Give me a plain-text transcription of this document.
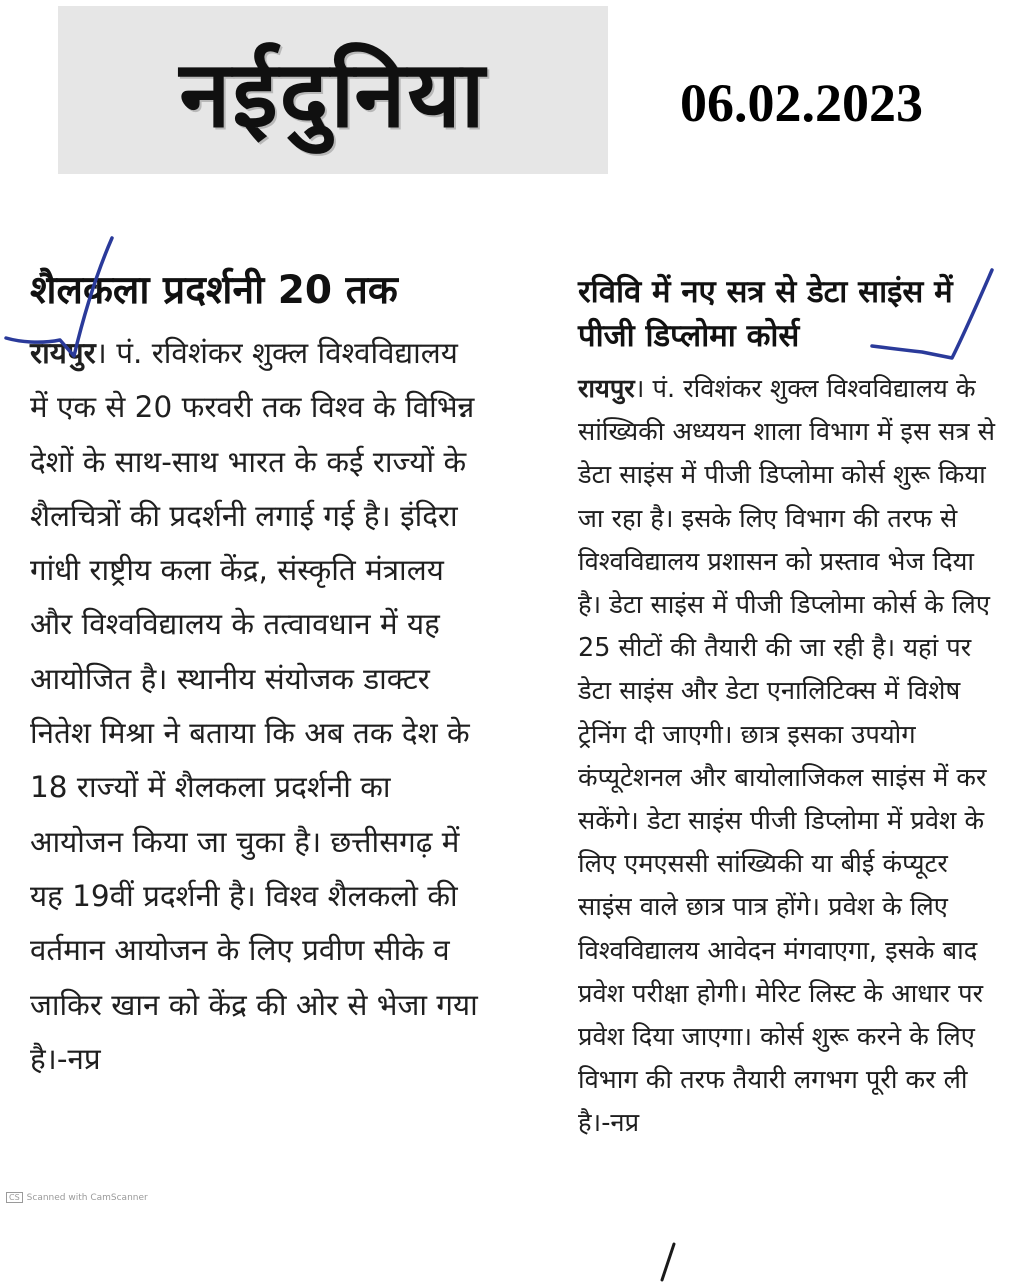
नईदुनिया	06.02.2023
शैलकला प्रदर्शनी 20 तक

रायपुर। पं. रविशंकर शुक्ल विश्वविद्यालय में एक से 20 फरवरी तक विश्व के विभिन्न देशों के साथ-साथ भारत के कई राज्यों के शैलचित्रों की प्रदर्शनी लगाई गई है। इंदिरा गांधी राष्ट्रीय कला केंद्र, संस्कृति मंत्रालय और विश्वविद्यालय के तत्वावधान में यह आयोजित है। स्थानीय संयोजक डाक्टर नितेश मिश्रा ने बताया कि अब तक देश के 18 राज्यों में शैलकला प्रदर्शनी का आयोजन किया जा चुका है। छत्तीसगढ़ में यह 19वीं प्रदर्शनी है। विश्व शैलकलो की वर्तमान आयोजन के लिए प्रवीण सीके व जाकिर खान को केंद्र की ओर से भेजा गया है।-नप्र

रविवि में नए सत्र से डेटा साइंस में पीजी डिप्लोमा कोर्स

रायपुर। पं. रविशंकर शुक्ल विश्वविद्यालय के सांख्यिकी अध्ययन शाला विभाग में इस सत्र से डेटा साइंस में पीजी डिप्लोमा कोर्स शुरू किया जा रहा है। इसके लिए विभाग की तरफ से विश्वविद्यालय प्रशासन को प्रस्ताव भेज दिया है। डेटा साइंस में पीजी डिप्लोमा कोर्स के लिए 25 सीटों की तैयारी की जा रही है। यहां पर डेटा साइंस और डेटा एनालिटिक्स में विशेष ट्रेनिंग दी जाएगी। छात्र इसका उपयोग कंप्यूटेशनल और बायोलाजिकल साइंस में कर सकेंगे। डेटा साइंस पीजी डिप्लोमा में प्रवेश के लिए एमएससी सांख्यिकी या बीई कंप्यूटर साइंस वाले छात्र पात्र होंगे। प्रवेश के लिए विश्वविद्यालय आवेदन मंगवाएगा, इसके बाद प्रवेश परीक्षा होगी। मेरिट लिस्ट के आधार पर प्रवेश दिया जाएगा। कोर्स शुरू करने के लिए विभाग की तरफ तैयारी लगभग पूरी कर ली है।-नप्र

CS Scanned with CamScanner
